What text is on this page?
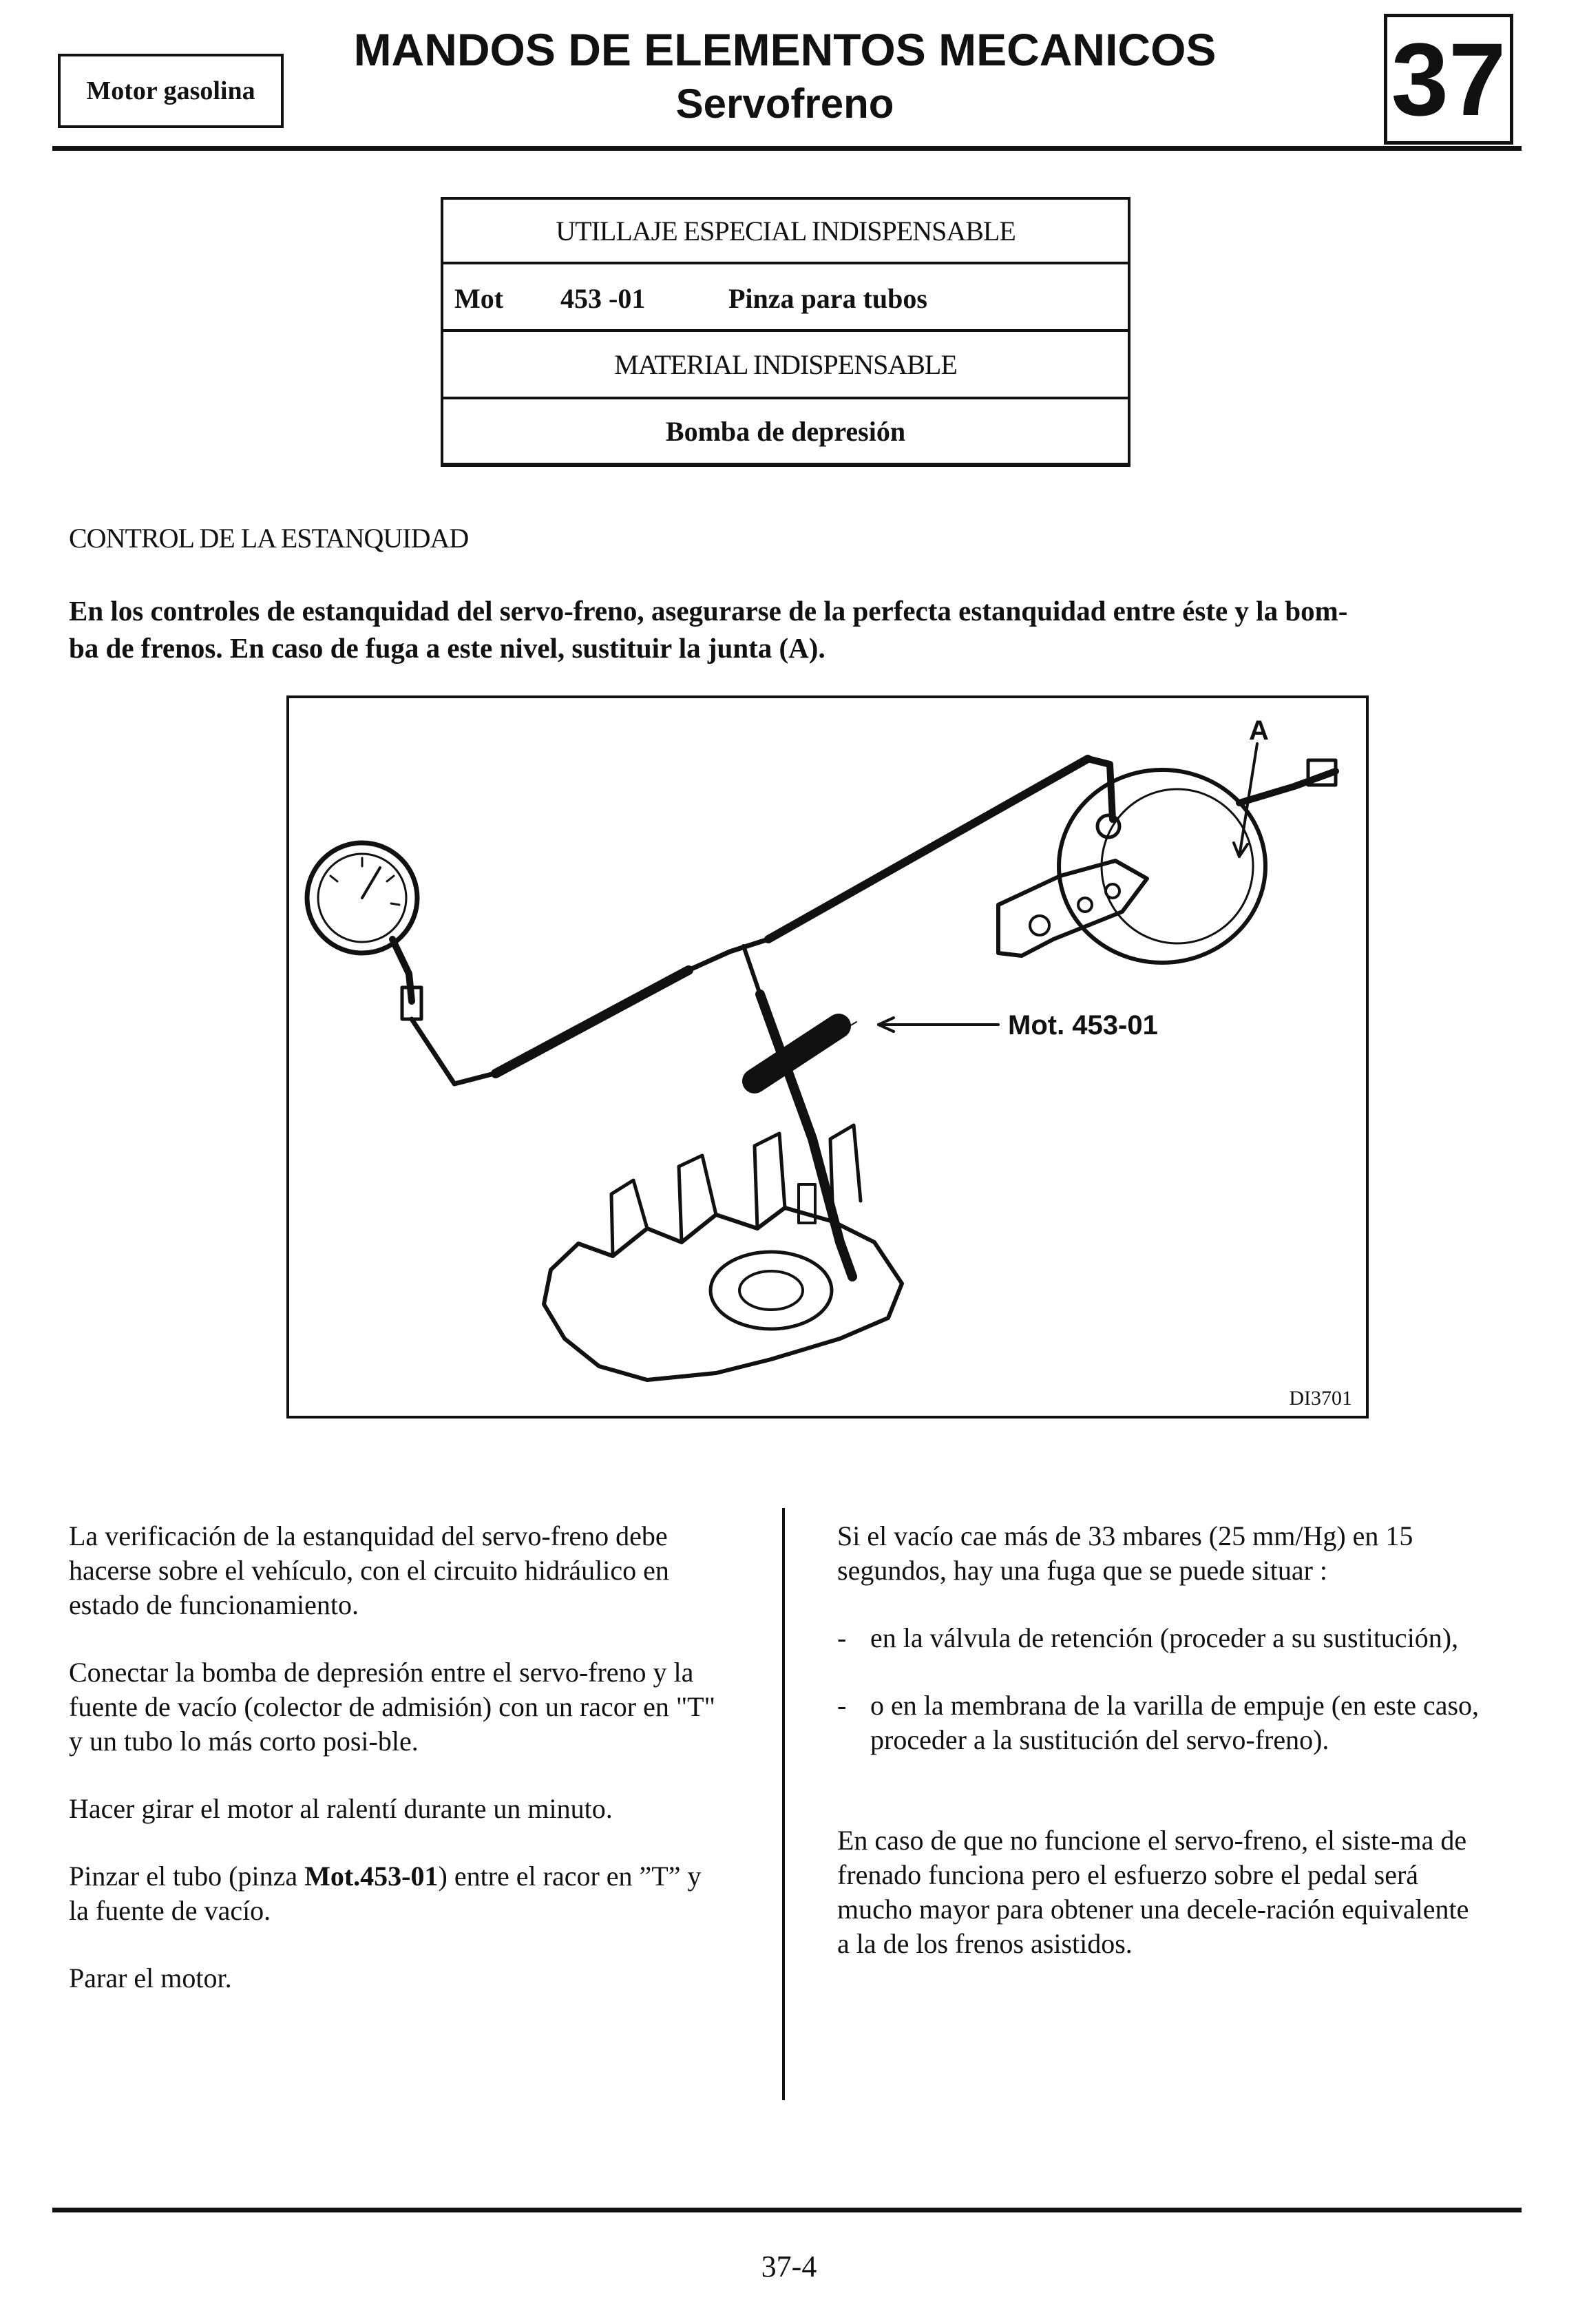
Motor gasolina
MANDOS DE ELEMENTOS MECANICOS
Servofreno	37
UTILLAJE ESPECIAL INDISPENSABLE
Mot 453 -01	Pinza para tubos
MATERIAL INDISPENSABLE
Bomba de depresión
CONTROL DE LA ESTANQUIDAD
En los controles de estanquidad del servo-freno, asegurarse de la perfecta estanquidad entre éste y la bom-
ba de frenos. En caso de fuga a este nivel, sustituir la junta (A).
A
Mot. 453-01
DI3701

La verificación de la estanquidad del servo-freno debe hacerse sobre el vehículo, con el circuito hidráulico en estado de funcionamiento.

Conectar la bomba de depresión entre el servo-freno y la fuente de vacío (colector de admisión) con un racor en "T" y un tubo lo más corto posi-ble.

Hacer girar el motor al ralentí durante un minuto.

Pinzar el tubo (pinza Mot.453-01) entre el racor en ”T” y la fuente de vacío.

Parar el motor.

Si el vacío cae más de 33 mbares (25 mm/Hg) en 15 segundos, hay una fuga que se puede situar :

- en la válvula de retención (proceder a su sustitución),
- o en la membrana de la varilla de empuje (en este caso, proceder a la sustitución del servo-freno).

En caso de que no funcione el servo-freno, el siste-ma de frenado funciona pero el esfuerzo sobre el pedal será mucho mayor para obtener una decele-ración equivalente a la de los frenos asistidos.

37-4
